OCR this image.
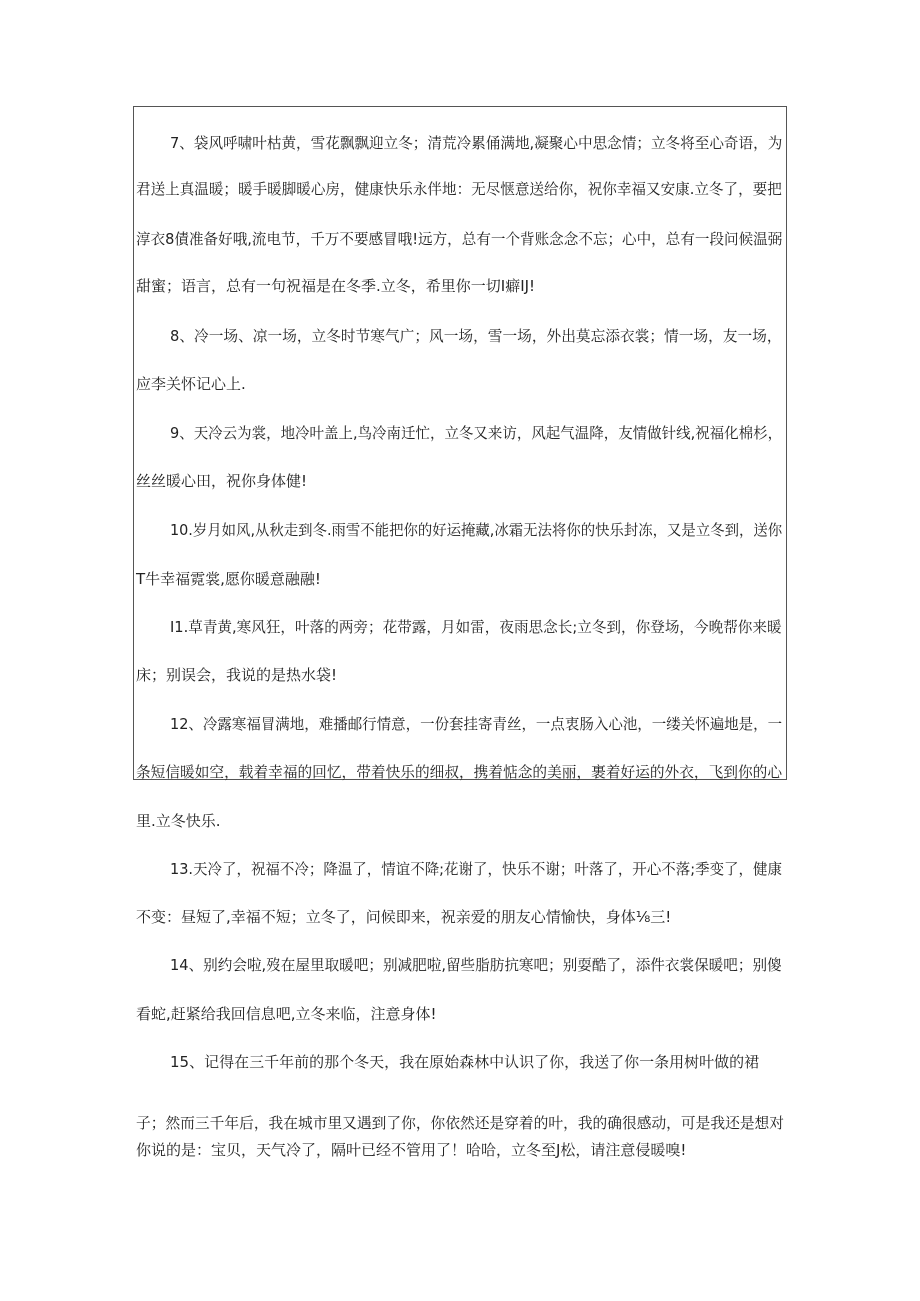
7、袋风呼啸叶枯黄，雪花飘飘迎立冬；清荒冷累俑满地,凝聚心中思念情；立冬将至心奇语，为
君送上真温暖；暖手暖脚暖心房，健康快乐永伴地：无尽惬意送给你，祝你幸福又安康.立冬了，要把
淳衣8債准备好哦,流电节，千万不要感冒哦!远方，总有一个背账念念不忘；心中，总有一段问候温弼
甜蜜；语言，总有一句祝福是在冬季.立冬，希里你一切I癖IJ!
8、冷一场、凉一场，立冬时节寒气广；风一场，雪一场，外出莫忘添衣裳；情一场，友一场，
应李关怀记心上.
9、天冷云为裳，地冷叶盖上,鸟冷南迁忙，立冬又来访，风起气温降，友情做针线,祝福化棉杉，
丝丝暖心田，祝你身体健!
10.岁月如风,从秋走到冬.雨雪不能把你的好运掩藏,冰霜无法将你的快乐封冻，又是立冬到，送你
T牛幸福霓裳,愿你暖意融融!
I1.草青黄,寒风狂，叶落的两旁；花带露，月如雷，夜雨思念长;立冬到，你登场，今晚帮你来暖
床；别误会，我说的是热水袋!
12、冷露寒福冒满地，难播邮行情意，一份套挂寄青丝，一点衷肠入心池，一缕关怀遍地是，一
条短信暖如空，载着幸福的回忆，带着快乐的细叔，携着惦念的美丽，裹着好运的外衣，飞到你的心
里.立冬快乐.
13.天冷了，祝福不冷；降温了，情谊不降;花谢了，快乐不谢；叶落了，开心不落;季变了，健康
不变：昼短了,幸福不短；立冬了，问候即来，祝亲爱的朋友心情愉快，身体⅛三!
14、别约会啦,歿在屋里取暖吧；别减肥啦,留些脂肪抗寒吧；别耍酷了，添件衣裳保暖吧；别傻
看蛇,赶紧给我回信息吧,立冬来临，注意身体!
15、记得在三千年前的那个冬天，我在原始森林中认识了你，我送了你一条用树叶做的裙
子；然而三千年后，我在城市里又遇到了你，你依然还是穿着的叶，我的确很感动，可是我还是想对
你说的是：宝贝，天气冷了，隔叶已经不管用了！哈哈，立冬至J松，请注意侵暖嗅!
